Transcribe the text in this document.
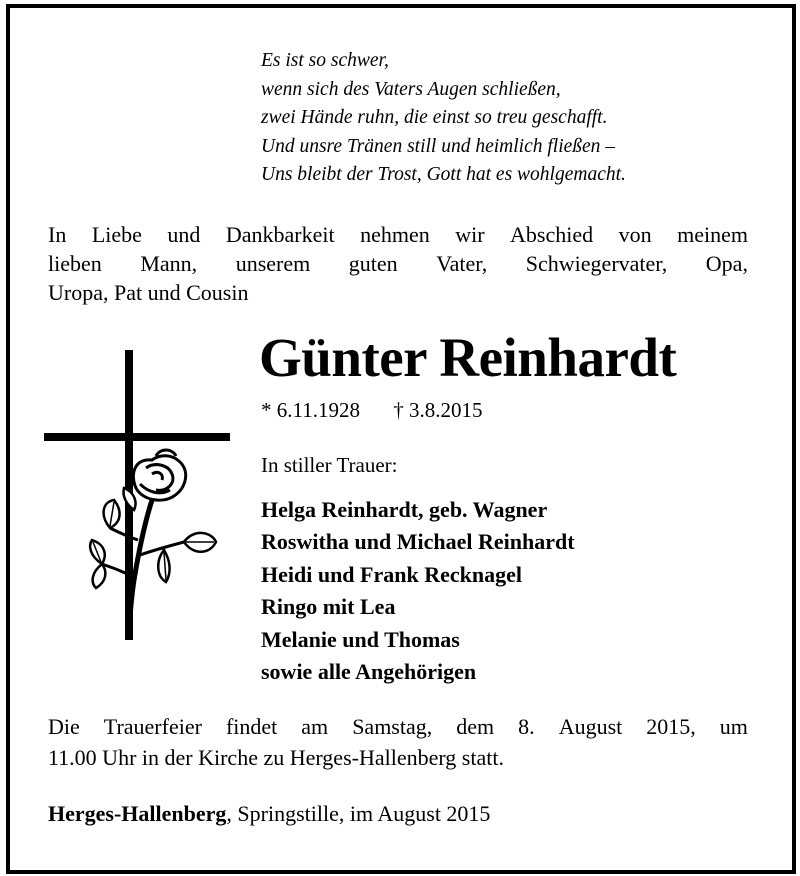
Es ist so schwer,
wenn sich des Vaters Augen schließen,
zwei Hände ruhn, die einst so treu geschafft.
Und unsre Tränen still und heimlich fließen –
Uns bleibt der Trost, Gott hat es wohlgemacht.
In Liebe und Dankbarkeit nehmen wir Abschied von meinem
lieben Mann, unserem guten Vater, Schwiegervater, Opa,
Uropa, Pat und Cousin
Günter Reinhardt
* 6.11.1928 † 3.8.2015
In stiller Trauer:
Helga Reinhardt, geb. Wagner
Roswitha und Michael Reinhardt
Heidi und Frank Recknagel
Ringo mit Lea
Melanie und Thomas
sowie alle Angehörigen
Die Trauerfeier findet am Samstag, dem 8. August 2015, um
11.00 Uhr in der Kirche zu Herges-Hallenberg statt.
Herges-Hallenberg, Springstille, im August 2015
